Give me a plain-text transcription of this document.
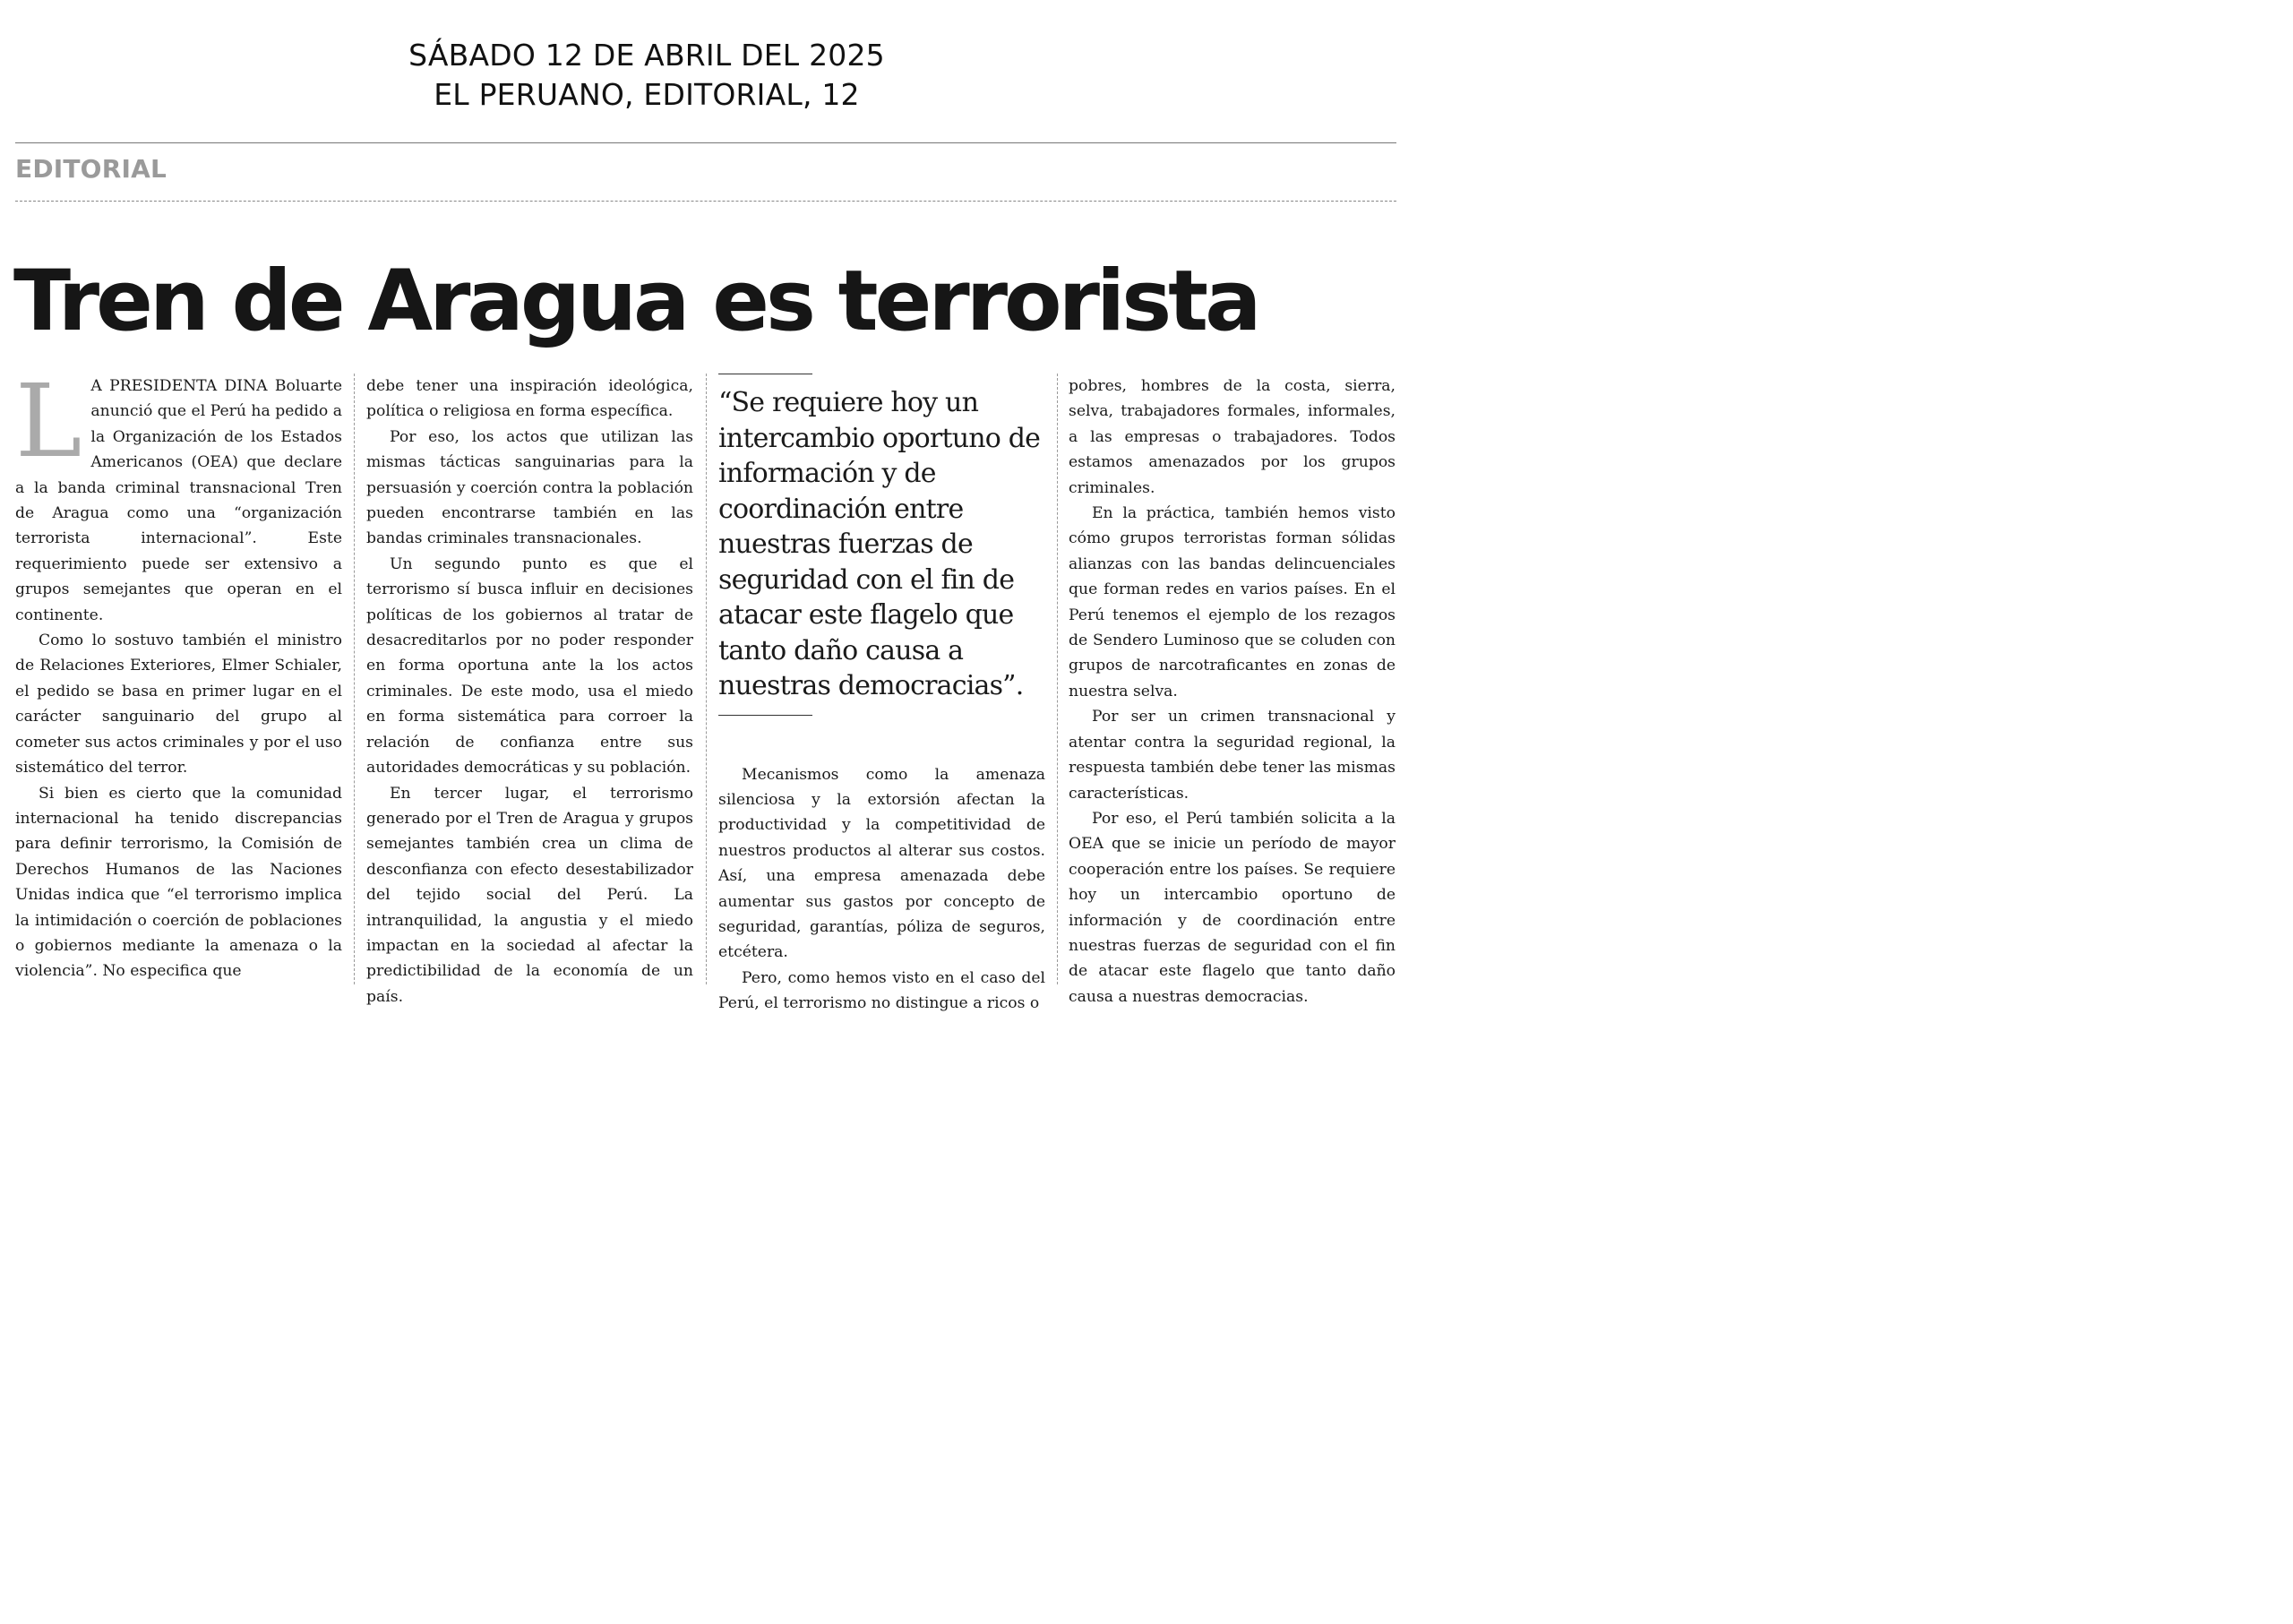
SÁBADO 12 DE ABRIL DEL 2025
EL PERUANO, EDITORIAL, 12
EDITORIAL
Tren de Aragua es terrorista

L A PRESIDENTA DINA Boluarte anunció que el Perú ha pedido a la Organización de los Estados Americanos (OEA) que declare a la banda criminal transnacional Tren de Aragua como una “organización terrorista internacional”. Este requerimiento puede ser extensivo a grupos semejantes que operan en el continente.

Como lo sostuvo también el ministro de Relaciones Exteriores, Elmer Schialer, el pedido se basa en primer lugar en el carácter sanguinario del grupo al cometer sus actos criminales y por el uso sistemático del terror.

Si bien es cierto que la comunidad internacional ha tenido discrepancias para definir terrorismo, la Comisión de Derechos Humanos de las Naciones Unidas indica que “el terrorismo implica la intimidación o coerción de poblaciones o gobiernos mediante la amenaza o la violencia”. No especifica que

debe tener una inspiración ideológica, política o religiosa en forma específica.

Por eso, los actos que utilizan las mismas tácticas sanguinarias para la persuasión y coerción contra la población pueden encontrarse también en las bandas criminales transnacionales.

Un segundo punto es que el terrorismo sí busca influir en decisiones políticas de los gobiernos al tratar de desacreditarlos por no poder responder en forma oportuna ante la los actos criminales. De este modo, usa el miedo en forma sistemática para corroer la relación de confianza entre sus autoridades democráticas y su población.

En tercer lugar, el terrorismo generado por el Tren de Aragua y grupos semejantes también crea un clima de desconfianza con efecto desestabilizador del tejido social del Perú. La intranquilidad, la angustia y el miedo impactan en la sociedad al afectar la predictibilidad de la economía de un país.

“Se requiere hoy un intercambio oportuno de información y de coordinación entre nuestras fuerzas de seguridad con el fin de atacar este flagelo que tanto daño causa a nuestras democracias”.

Mecanismos como la amenaza silenciosa y la extorsión afectan la productividad y la competitividad de nuestros productos al alterar sus costos. Así, una empresa amenazada debe aumentar sus gastos por concepto de seguridad, garantías, póliza de seguros, etcétera.

Pero, como hemos visto en el caso del Perú, el terrorismo no distingue a ricos o

pobres, hombres de la costa, sierra, selva, trabajadores formales, informales, a las empresas o trabajadores. Todos estamos amenazados por los grupos criminales.

En la práctica, también hemos visto cómo grupos terroristas forman sólidas alianzas con las bandas delincuenciales que forman redes en varios países. En el Perú tenemos el ejemplo de los rezagos de Sendero Luminoso que se coluden con grupos de narcotraficantes en zonas de nuestra selva.

Por ser un crimen transnacional y atentar contra la seguridad regional, la respuesta también debe tener las mismas características.

Por eso, el Perú también solicita a la OEA que se inicie un período de mayor cooperación entre los países. Se requiere hoy un intercambio oportuno de información y de coordinación entre nuestras fuerzas de seguridad con el fin de atacar este flagelo que tanto daño causa a nuestras democracias.
